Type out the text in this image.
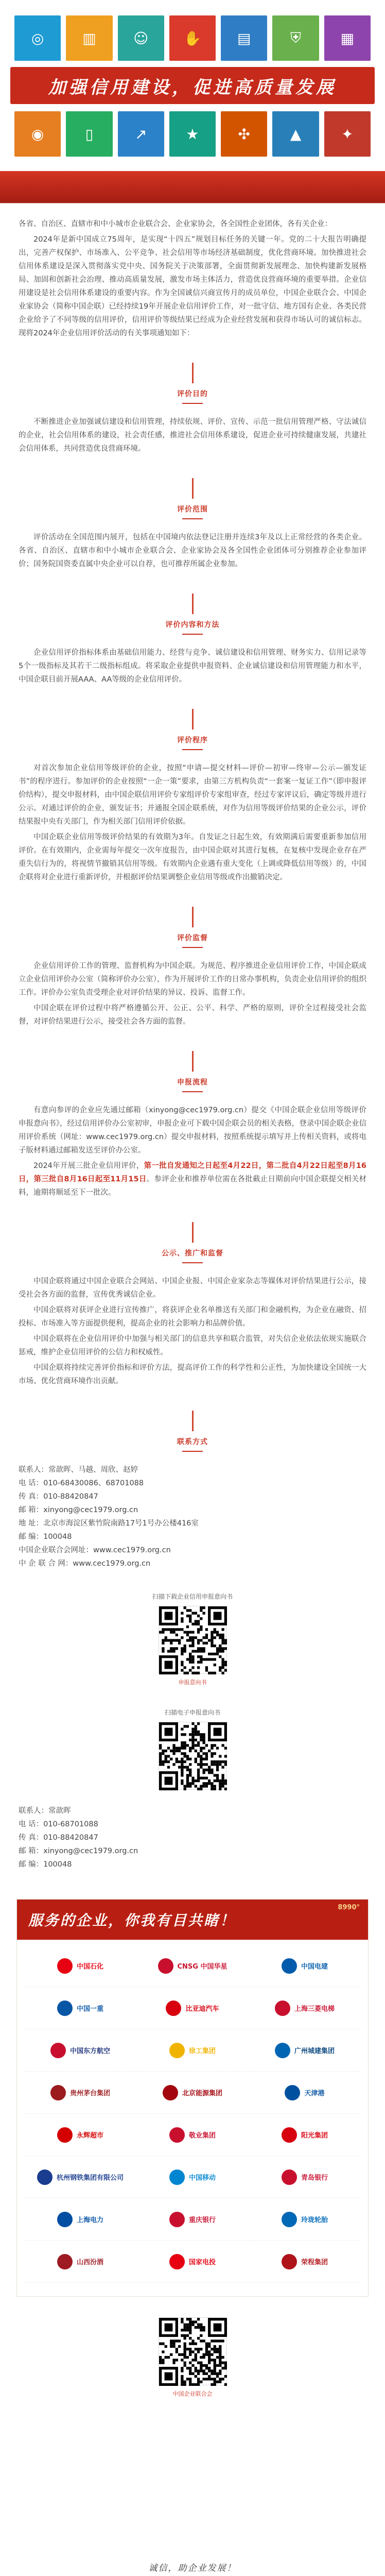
◎	▥	☺	✋	▤	⛨	▦
加强信用建设，促进高质量发展
◉	▯	↗	★	✣	▲	✦

各省、自治区、直辖市和中小城市企业联合会、企业家协会，各全国性企业团体，各有关企业：

2024年是新中国成立75周年，是实现“十四五”规划目标任务的关键一年。党的二十大报告明确提出，完善产权保护、市场准入、公平竞争、社会信用等市场经济基础制度，优化营商环境。加快推进社会信用体系建设是深入贯彻落实党中央、国务院关于决策部署，全面贯彻新发展理念、加快构建新发展格局、加固和创新社会治理、推动高质量发展，激发市场主体活力，营造优良营商环境的重要举措。企业信用建设是社会信用体系建设的重要内容。作为全国诚信兴商宣传月的成员单位，中国企业联合会、中国企业家协会（简称中国企联）已经持续19年开展企业信用评价工作，对一批守信、地方国有企业、各类民营企业给予了不同等级的信用评价，信用评价等级结果已经成为企业经营发展和获得市场认可的诚信标志。现将2024年企业信用评价活动的有关事项通知如下：

评价目的

不断推进企业加强诚信建设和信用管理，持续依规、评价、宣传、示范一批信用管理严格、守法诚信的企业，社会信用体系的建设，社会责任感，推进社会信用体系建设，促进企业可持续健康发展，共建社会信用体系，共同营造优良营商环境。

评价范围

评价活动在全国范围内展开，包括在中国境内依法登记注册并连续3年及以上正常经营的各类企业。各省、自治区、直辖市和中小城市企业联合会、企业家协会及各全国性企业团体可分别推荐企业参加评价；国务院国资委直属中央企业可以自荐，也可推荐所属企业参加。

评价内容和方法

企业信用评价指标体系由基础信用能力、经营与竞争、诚信建设和信用管理、财务实力、信用记录等5个一级指标及其若干二级指标组成。将采取企业提供申报资料、企业诚信建设和信用管理能力和水平，中国企联目前开展AAA、AA等级的企业信用评价。

评价程序

对首次参加企业信用等级评价的企业，按照“申请—提交材料—评价—初审—终审—公示—颁发证书”的程序进行。参加评价的企业按照“一企一策”要求，由第三方机构负责“一套案一复证工作”（即申报评价结构），提交申报材料，由中国企联信用评价专家组评价专家组审查，经过专家评议后，确定等级并进行公示。对通过评价的企业，颁发证书；并通报全国企联系统，对作为信用等级评价结果的企业公示，评价结果报中央有关部门，作为相关部门信用评价依据。

中国企联企业信用等级评价结果的有效期为3年。自发证之日起生效，有效期满后需要重新参加信用评价。在有效期内，企业需每年提交一次年度报告，由中国企联对其进行复核，在复核中发现企业存在严重失信行为的，将视情节撤销其信用等级。有效期内企业遇有重大变化（上调或降低信用等级）的，中国企联将对企业进行重新评价，并根据评价结果调整企业信用等级或作出撤销决定。

评价监督

企业信用评价工作的管理、监督机构为中国企联。为规范、程序推进企业信用评价工作，中国企联成立企业信用评价办公室（简称评价办公室），作为开展评价工作的日常办事机构，负责企业信用评价的组织工作。评价办公室负责受理企业对评价结果的异议、投诉、监督工作。

中国企联在评价过程中将严格遵循公开、公正、公平、科学、严格的原则，评价全过程接受社会监督，对评价结果进行公示，接受社会各方面的监督。

申报流程

有意向参评的企业应先通过邮箱（xinyong@cec1979.org.cn）提交《中国企联企业信用等级评价申报意向书》，经过信用评价办公室初审，申报企业可下载中国企联会员的相关表格，登录中国企联企业信用评价系统（网址：www.cec1979.org.cn）提交申报材料，按照系统提示填写并上传相关资料，或将电子版材料通过邮箱发送至评价办公室。

2024年开展三批企业信用评价，第一批自发通知之日起至4月22日，第二批自4月22日起至8月16日，第三批自8月16日起至11月15日。参评企业和推荐单位需在各批截止日期前向中国企联提交相关材料，逾期将顺延至下一批次。

公示、推广和监督

中国企联将通过中国企业联合会网站、中国企业报、中国企业家杂志等媒体对评价结果进行公示，接受社会各方面的监督，宣传优秀诚信企业。

中国企联将对获评企业进行宣传推广，将获评企业名单推送有关部门和金融机构，为企业在融资、招投标、市场准入等方面提供便利，提高企业的社会影响力和品牌价值。

中国企联将在企业信用评价中加强与相关部门的信息共享和联合监管，对失信企业依法依规实施联合惩戒，维护企业信用评价的公信力和权威性。

中国企联将持续完善评价指标和评价方法，提高评价工作的科学性和公正性，为加快建设全国统一大市场、优化营商环境作出贡献。

联系方式

联系人：常歆晖、马越、周欣、赵婷

电 话：010-68430086、68701088

传 真：010-88420847

邮 箱：xinyong@cec1979.org.cn

地 址：北京市海淀区紫竹院南路17号1号办公楼416室

邮 编：100048

中国企业联合会网址：www.cec1979.org.cn

中 企 联 合 网：www.cec1979.org.cn

扫描下载企业信用申报意向书
申报意向书
扫描电子申报意向书

联系人：常歆晖

电 话：010-68701088

传 真：010-88420847

邮 箱：xinyong@cec1979.org.cn

邮 编：100048

服务的企业，你我有目共睹！
8990°
中国石化	CNSG 中国华星	中国电建
中国一重	比亚迪汽车	上海三菱电梯
中国东方航空	徐工集团	广州城建集团
贵州茅台集团	北京能源集团	天津港
永辉超市	敬业集团	阳光集团
杭州钢铁集团有限公司	中国移动	青岛银行
上海电力	重庆银行	玲珑轮胎
山西汾酒	国家电投	荣程集团
中国企业联合会
诚信，助企业发展！
